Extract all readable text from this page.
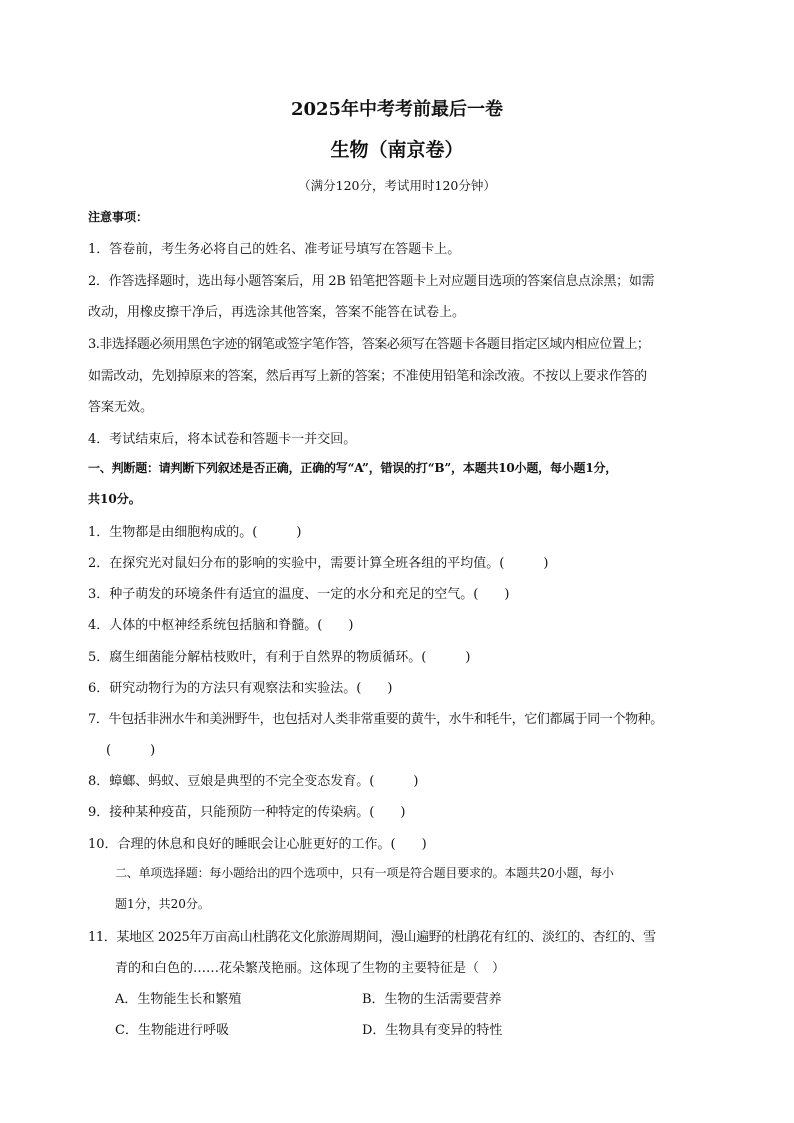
2025年中考考前最后一卷
生物（南京卷）
（满分120分，考试用时120分钟）
注意事项：
1．答卷前，考生务必将自己的姓名、准考证号填写在答题卡上。
2．作答选择题时，选出每小题答案后，用 2B 铅笔把答题卡上对应题目选项的答案信息点涂黑；如需
改动，用橡皮擦干净后，再选涂其他答案，答案不能答在试卷上。
3.非选择题必须用黑色字迹的钢笔或签字笔作答，答案必须写在答题卡各题目指定区域内相应位置上；
如需改动，先划掉原来的答案，然后再写上新的答案；不准使用铅笔和涂改液。不按以上要求作答的
答案无效。
4．考试结束后，将本试卷和答题卡一并交回。
一、判断题：请判断下列叙述是否正确，正确的写“A”，错误的打“B”，本题共10小题，每小题1分，
共10分。
1．生物都是由细胞构成的。(　　　)
2．在探究光对鼠妇分布的影响的实验中，需要计算全班各组的平均值。(　　　)
3．种子萌发的环境条件有适宜的温度、一定的水分和充足的空气。(　　)
4．人体的中枢神经系统包括脑和脊髓。(　　)
5．腐生细菌能分解枯枝败叶，有利于自然界的物质循环。(　　　)
6．研究动物行为的方法只有观察法和实验法。(　　)
7．牛包括非洲水牛和美洲野牛，也包括对人类非常重要的黄牛，水牛和牦牛，它们都属于同一个物种。
(　　　)
8．蟑螂、蚂蚁、豆娘是典型的不完全变态发育。(　　　)
9．接种某种疫苗，只能预防一种特定的传染病。(　　)
10．合理的休息和良好的睡眠会让心脏更好的工作。(　　)
二、单项选择题：每小题给出的四个选项中，只有一项是符合题目要求的。本题共20小题，每小
题1分，共20分。
11．某地区 2025年万亩高山杜鹃花文化旅游周期间，漫山遍野的杜鹃花有红的、淡红的、杏红的、雪
青的和白色的……花朵繁茂艳丽。这体现了生物的主要特征是（　）
A．生物能生长和繁殖	B．生物的生活需要营养
C．生物能进行呼吸	D．生物具有变异的特性
